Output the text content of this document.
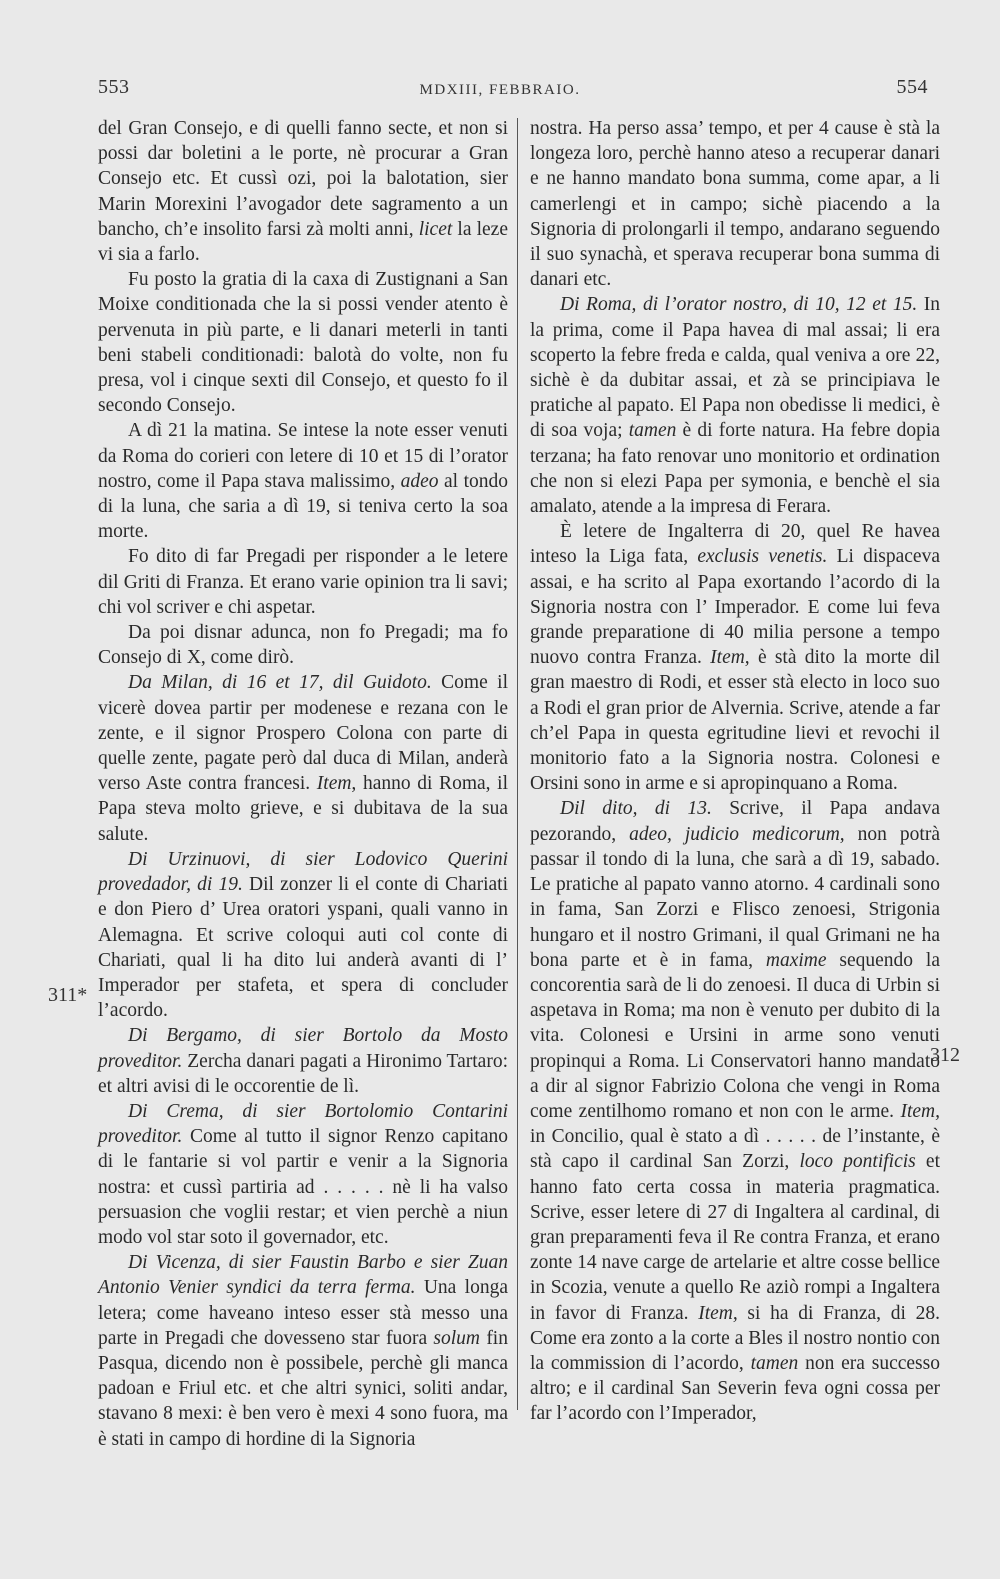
553	MDXIII, FEBBRAIO.	554

del Gran Consejo, e di quelli fanno secte, et non si possi dar boletini a le porte, nè procurar a Gran Consejo etc. Et cussì ozi, poi la balotation, sier Marin Morexini l’avogador dete sagramento a un bancho, ch’e insolito farsi zà molti anni, licet la leze vi sia a farlo.

Fu posto la gratia di la caxa di Zustignani a San Moixe conditionada che la si possi vender atento è pervenuta in più parte, e li danari meterli in tanti beni stabeli conditionadi: balotà do volte, non fu presa, vol i cinque sexti dil Consejo, et questo fo il secondo Consejo.

A dì 21 la matina. Se intese la note esser venuti da Roma do corieri con letere di 10 et 15 di l’orator nostro, come il Papa stava malissimo, adeo al tondo di la luna, che saria a dì 19, si teniva certo la soa morte.

Fo dito di far Pregadi per risponder a le letere dil Griti di Franza. Et erano varie opinion tra li savi; chi vol scriver e chi aspetar.

Da poi disnar adunca, non fo Pregadi; ma fo Consejo di X, come dirò.

Da Milan, di 16 et 17, dil Guidoto. Come il vicerè dovea partir per modenese e rezana con le zente, e il signor Prospero Colona con parte di quelle zente, pagate però dal duca di Milan, anderà verso Aste contra francesi. Item, hanno di Roma, il Papa steva molto grieve, e si dubitava de la sua salute.

Di Urzinuovi, di sier Lodovico Querini provedador, di 19. Dil zonzer li el conte di Chariati e don Piero d’ Urea oratori yspani, quali vanno in Alemagna. Et scrive coloqui auti col conte di Chariati, qual li ha dito lui anderà avanti di l’ Imperador per stafeta, et spera di concluder l’acordo.

Di Bergamo, di sier Bortolo da Mosto proveditor. Zercha danari pagati a Hironimo Tartaro: et altri avisi di le occorentie de lì.

Di Crema, di sier Bortolomio Contarini proveditor. Come al tutto il signor Renzo capitano di le fantarie si vol partir e venir a la Signoria nostra: et cussì partiria ad . . . . . nè li ha valso persuasion che voglii restar; et vien perchè a niun modo vol star soto il governador, etc.

Di Vicenza, di sier Faustin Barbo e sier Zuan Antonio Venier syndici da terra ferma. Una longa letera; come haveano inteso esser stà messo una parte in Pregadi che dovesseno star fuora solum fin Pasqua, dicendo non è possibele, perchè gli manca padoan e Friul etc. et che altri synici, soliti andar, stavano 8 mexi: è ben vero è mexi 4 sono fuora, ma è stati in campo di hordine di la Signoria

nostra. Ha perso assa’ tempo, et per 4 cause è stà la longeza loro, perchè hanno ateso a recuperar danari e ne hanno mandato bona summa, come apar, a li camerlengi et in campo; sichè piacendo a la Signoria di prolongarli il tempo, andarano seguendo il suo synachà, et sperava recuperar bona summa di danari etc.

Di Roma, di l’orator nostro, di 10, 12 et 15. In la prima, come il Papa havea di mal assai; li era scoperto la febre freda e calda, qual veniva a ore 22, sichè è da dubitar assai, et zà se principiava le pratiche al papato. El Papa non obedisse li medici, è di soa voja; tamen è di forte natura. Ha febre dopia terzana; ha fato renovar uno monitorio et ordination che non si elezi Papa per symonia, e benchè el sia amalato, atende a la impresa di Ferara.

È letere de Ingalterra di 20, quel Re havea inteso la Liga fata, exclusis venetis. Li dispaceva assai, e ha scrito al Papa exortando l’acordo di la Signoria nostra con l’ Imperador. E come lui feva grande preparatione di 40 milia persone a tempo nuovo contra Franza. Item, è stà dito la morte dil gran maestro di Rodi, et esser stà electo in loco suo a Rodi el gran prior de Alvernia. Scrive, atende a far ch’el Papa in questa egritudine lievi et revochi il monitorio fato a la Signoria nostra. Colonesi e Orsini sono in arme e si apropinquano a Roma.

Dil dito, di 13. Scrive, il Papa andava pezorando, adeo, judicio medicorum, non potrà passar il tondo di la luna, che sarà a dì 19, sabado. Le pratiche al papato vanno atorno. 4 cardinali sono in fama, San Zorzi e Flisco zenoesi, Strigonia hungaro et il nostro Grimani, il qual Grimani ne ha bona parte et è in fama, maxime sequendo la concorentia sarà de li do zenoesi. Il duca di Urbin si aspetava in Roma; ma non è venuto per dubito di la vita. Colonesi e Ursini in arme sono venuti propinqui a Roma. Li Conservatori hanno mandato a dir al signor Fabrizio Colona che vengi in Roma come zentilhomo romano et non con le arme. Item, in Concilio, qual è stato a dì . . . . . de l’instante, è stà capo il cardinal San Zorzi, loco pontificis et hanno fato certa cossa in materia pragmatica. Scrive, esser letere di 27 di Ingaltera al cardinal, di gran preparamenti feva il Re contra Franza, et erano zonte 14 nave carge de artelarie et altre cosse bellice in Scozia, venute a quello Re aziò rompi a Ingaltera in favor di Franza. Item, si ha di Franza, di 28. Come era zonto a la corte a Bles il nostro nontio con la commission di l’acordo, tamen non era successo altro; e il cardinal San Severin feva ogni cossa per far l’acordo con l’Imperador,

311*
312
